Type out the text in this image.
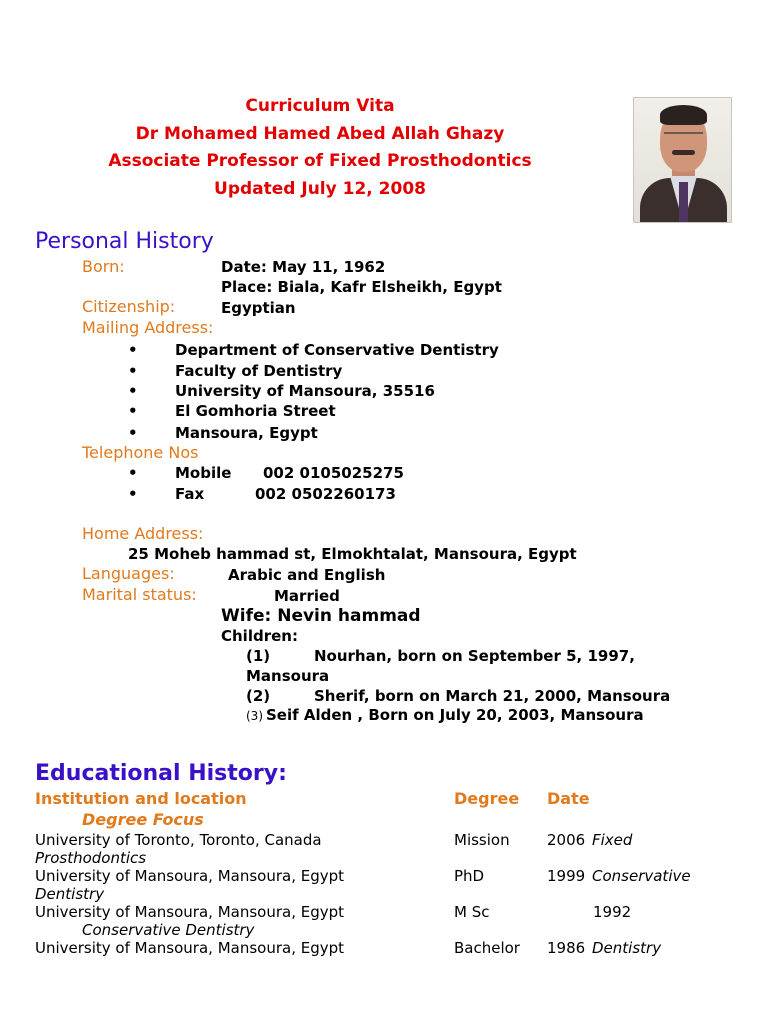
Curriculum Vita
Dr Mohamed Hamed Abed Allah Ghazy
Associate Professor of Fixed Prosthodontics
Updated July 12, 2008
Personal History
Born:	Date: May 11, 1962
Place: Biala, Kafr Elsheikh, Egypt
Citizenship:	Egyptian
Mailing Address:
• Department of Conservative Dentistry
• Faculty of Dentistry
• University of Mansoura, 35516
• El Gomhoria Street
• Mansoura, Egypt
Telephone Nos
• Mobile 002 0105025275
• Fax	002 0502260173
Home Address:
25 Moheb hammad st, Elmokhtalat, Mansoura, Egypt
Languages:	Arabic and English
Marital status:	Married
Wife: Nevin hammad
Children:
(1)	Nourhan, born on September 5, 1997,
Mansoura
(2)	Sherif, born on March 21, 2000, Mansoura
(3) Seif Alden , Born on July 20, 2003, Mansoura
Educational History:
Institution and location	Degree Date
Degree Focus
University of Toronto, Toronto, Canada	Mission 2006 Fixed
Prosthodontics
University of Mansoura, Mansoura, Egypt	PhD	1999 Conservative
Dentistry
University of Mansoura, Mansoura, Egypt	M Sc	1992
Conservative Dentistry
University of Mansoura, Mansoura, Egypt	Bachelor 1986 Dentistry
